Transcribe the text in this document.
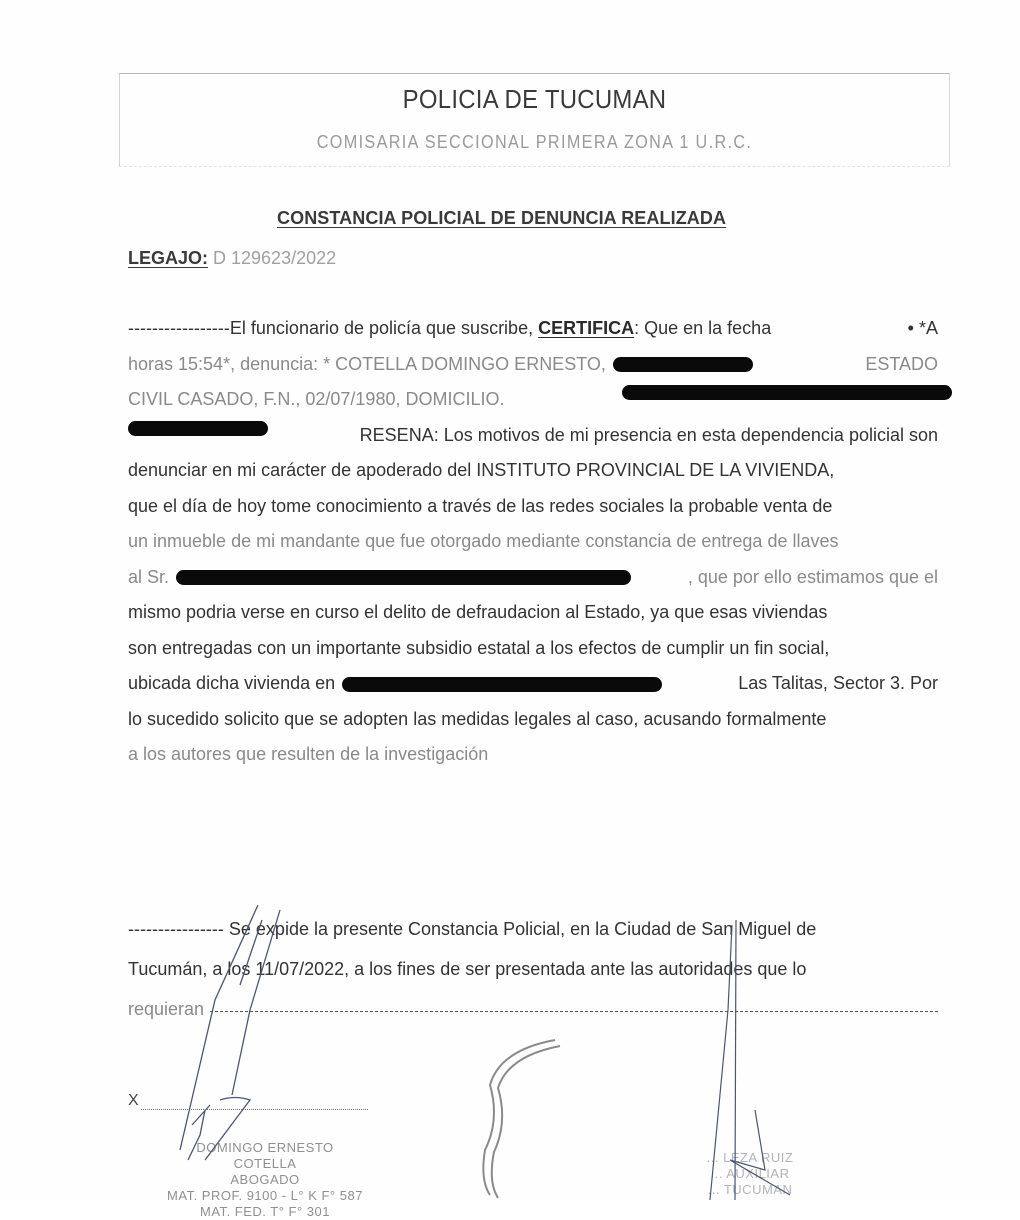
POLICIA DE TUCUMAN
COMISARIA SECCIONAL PRIMERA ZONA 1 U.R.C.
CONSTANCIA POLICIAL DE DENUNCIA REALIZADA
LEGAJO: D 129623/2022
-----------------El funcionario de policía que suscribe, CERTIFICA: Que en la fecha	• *A
horas 15:54*, denuncia: * COTELLA DOMINGO ERNESTO,	ESTADO
CIVIL CASADO, F.N., 02/07/1980, DOMICILIO.
RESENA: Los motivos de mi presencia en esta dependencia policial son
denunciar en mi carácter de apoderado del INSTITUTO PROVINCIAL DE LA VIVIENDA,
que el día de hoy tome conocimiento a través de las redes sociales la probable venta de
un inmueble de mi mandante que fue otorgado mediante constancia de entrega de llaves
al Sr.	, que por ello estimamos que el
mismo podria verse en curso el delito de defraudacion al Estado, ya que esas viviendas
son entregadas con un importante subsidio estatal a los efectos de cumplir un fin social,
ubicada dicha vivienda en	Las Talitas, Sector 3. Por
lo sucedido solicito que se adopten las medidas legales al caso, acusando formalmente
a los autores que resulten de la investigación
---------------- Se expide la presente Constancia Policial, en la Ciudad de San Miguel de
Tucumán, a los 11/07/2022, a los fines de ser presentada ante las autoridades que lo
requieran
X
DOMINGO ERNESTO COTELLA
ABOGADO
MAT. PROF. 9100 - L° K F° 587
MAT. FED. T° F° 301
... LEZA RUIZ
... AUXILIAR
... TUCUMAN
